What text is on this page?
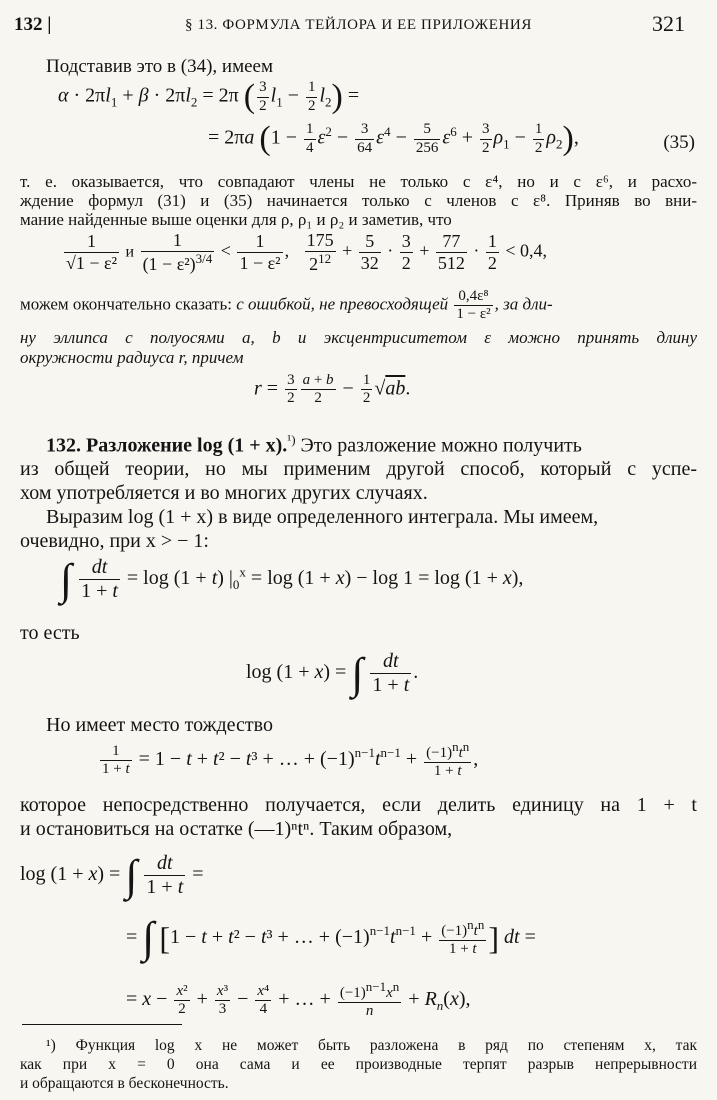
132 |	§ 13. ФОРМУЛА ТЕЙЛОРА И ЕЕ ПРИЛОЖЕНИЯ	321
Подставив это в (34), имеем
$\alpha \cdot 2\pi l_1 + \beta \cdot 2\pi l_2 = 2\pi$ ( $\frac{3}{2} l_1 - \frac{1}{2} l_2$) =
= 2πa $(1 - \frac{1}{4} \varepsilon^2 - \frac{3}{64} \varepsilon^4 - \frac{5}{256} \varepsilon^6 + \frac{3}{2} \rho_1 - \frac{1}{2} \rho_2)$,	(35)
т. е. оказывается, что совпадают члены не только с ε⁴, но и с ε⁶, и расхо-
ждение формул (31) и (35) начинается только с членов с ε⁸. Приняв во вни-
мание найденные выше оценки для ρ, ρ₁ и ρ₂ и заметив, что
$\frac{1}{\text{√1 − ε²}}$ и $\frac{1}{(1 - \varepsilon^2)^{3/4}} < \frac{1}{\text{1 − ε²}}$ , $\frac{175}{2^{12}} + \frac{5}{32} \cdot \frac{3}{2} + \frac{77}{512} \cdot \frac{1}{2} < 0,4$,
можем окончательно сказать: с ошибкой, не превосходящей $\frac{\text{0,4ε⁸}}{\text{1 − ε²}}$ , за дли-
ну эллипса с полуосями a, b и эксцентриситетом ε можно принять длину
окружности радиуса r, причем
$r = \frac{3}{2} \frac{a + b}{2} - \frac{1}{2} √ab$.
132. Разложение log (1 + x).$^{^1)}$ Это разложение можно получить
из общей теории, но мы применим другой способ, который с успе-
хом употребляется и во многих других случаях.
Выразим log (1 + x) в виде определенного интеграла. Мы имеем,
очевидно, при x > − 1:
∫ $\frac{dt}{1 + t} = \log (1 + t) |_0^x = \log (1 + x) - \log 1 = \log (1 + x)$,
то есть
log (1 + x) = ∫ $\frac{dt}{1 + t}$ .
Но имеет место тождество
$\frac{1}{1 + t} = 1 - t + t^2 - t^3$ + … + $(-1)^{n-1}t^{n-1} + \frac{(-1)^nt^n}{1 + t}$ ,
которое непосредственно получается, если делить единицу на 1 + t
и остановиться на остатке (—1)ⁿtⁿ. Таким образом,
log (1 + x) = ∫ $\frac{dt}{1 + t}$ =
= ∫ [1 − t + t² − t³ + … + $(-1)^{n-1}t^{n-1} + \frac{(-1)^nt^n}{1 + t}$ ] dt =
= $x - \frac{\text{x²}}{2} + \frac{\text{x³}}{3} - \frac{\text{x⁴}}{4}$ + … + $\frac{(-1)^{n-1}x^n}{n} + R_n(x)$,
¹) Функция log x не может быть разложена в ряд по степеням x, так
как при x = 0 она сама и ее производные терпят разрыв непрерывности
и обращаются в бесконечность.
